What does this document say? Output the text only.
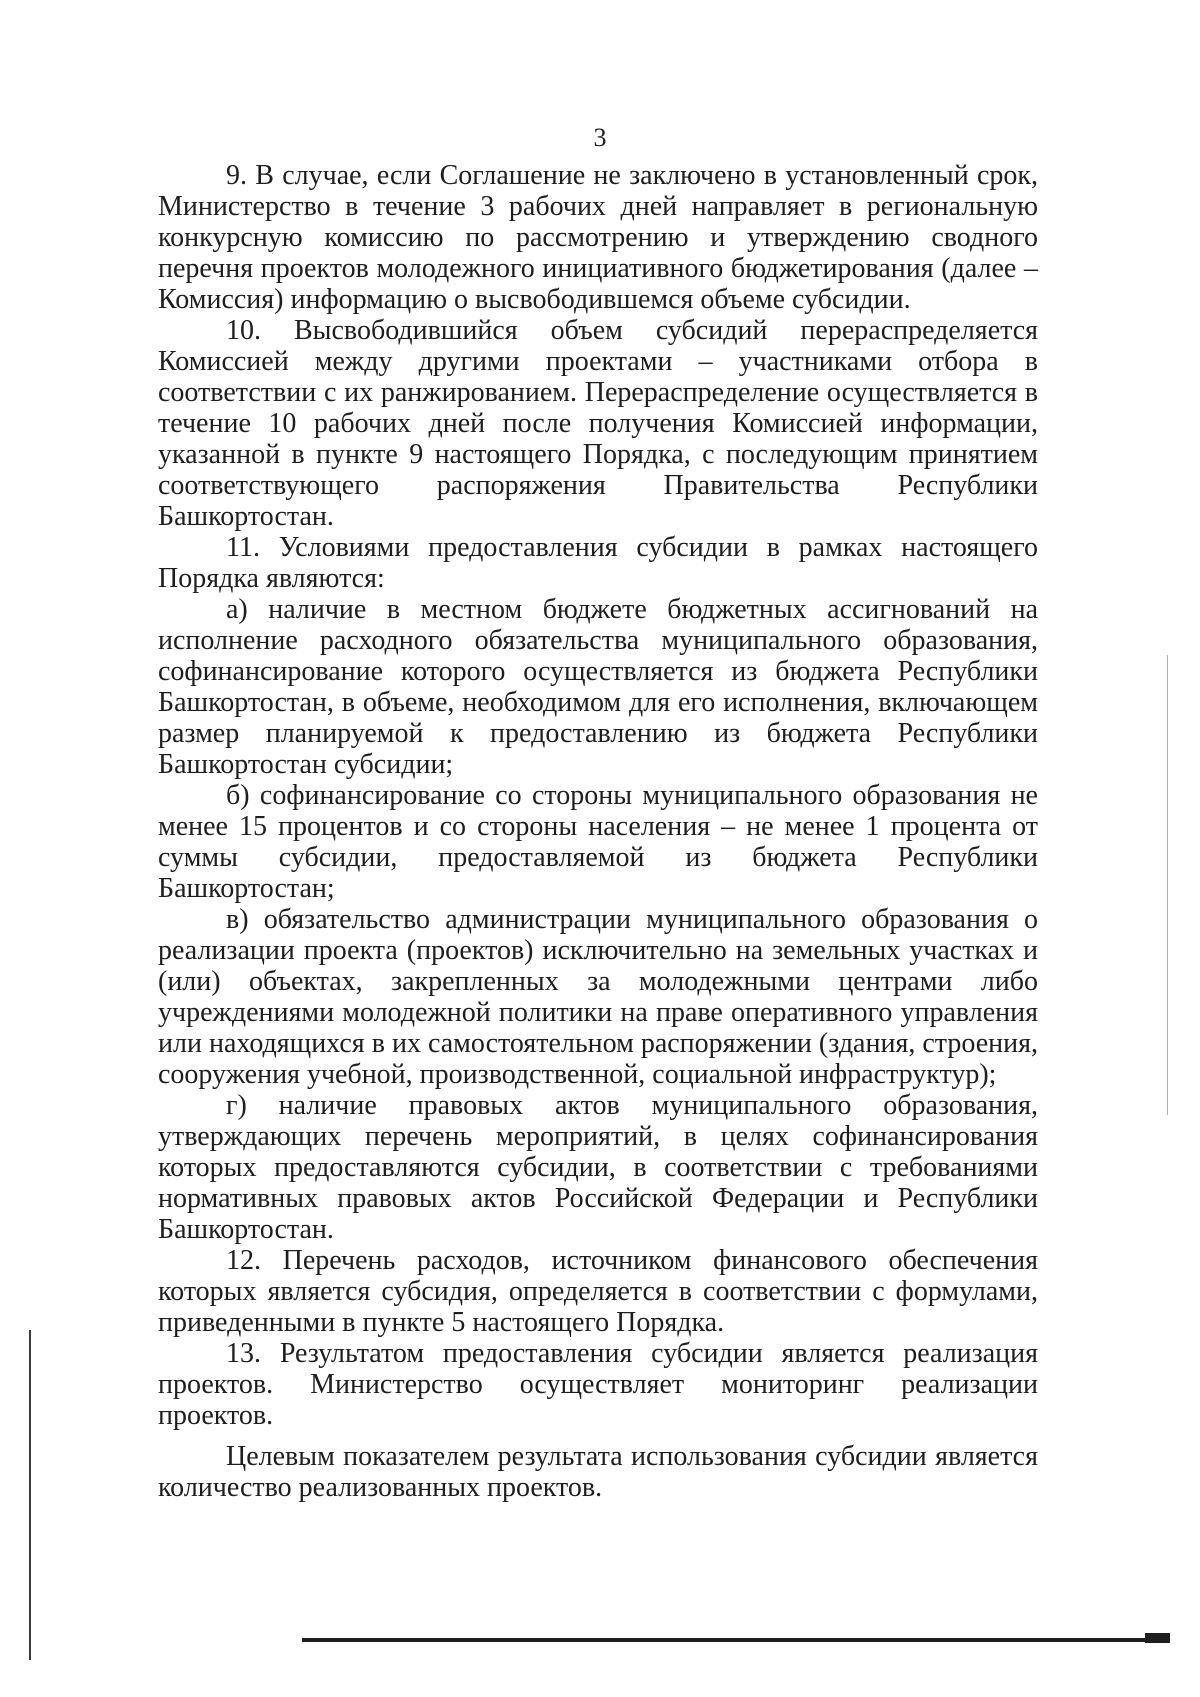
3

9. В случае, если Соглашение не заключено в установленный срок, Министерство в течение 3 рабочих дней направляет в региональную конкурсную комиссию по рассмотрению и утверждению сводного перечня проектов молодежного инициативного бюджетирования (далее – Комиссия) информацию о высвободившемся объеме субсидии.

10. Высвободившийся объем субсидий перераспределяется Комиссией между другими проектами – участниками отбора в соответствии с их ранжированием. Перераспределение осуществляется в течение 10 рабочих дней после получения Комиссией информации, указанной в пункте 9 настоящего Порядка, с последующим принятием соответствующего распоряжения Правительства Республики Башкортостан.

11. Условиями предоставления субсидии в рамках настоящего Порядка являются:

а) наличие в местном бюджете бюджетных ассигнований на исполнение расходного обязательства муниципального образования, софинансирование которого осуществляется из бюджета Республики Башкортостан, в объеме, необходимом для его исполнения, включающем размер планируемой к предоставлению из бюджета Республики Башкортостан субсидии;

б) софинансирование со стороны муниципального образования не менее 15 процентов и со стороны населения – не менее 1 процента от суммы субсидии, предоставляемой из бюджета Республики Башкортостан;

в) обязательство администрации муниципального образования о реализации проекта (проектов) исключительно на земельных участках и (или) объектах, закрепленных за молодежными центрами либо учреждениями молодежной политики на праве оперативного управления или находящихся в их самостоятельном распоряжении (здания, строения, сооружения учебной, производственной, социальной инфраструктур);

г) наличие правовых актов муниципального образования, утверждающих перечень мероприятий, в целях софинансирования которых предоставляются субсидии, в соответствии с требованиями нормативных правовых актов Российской Федерации и Республики Башкортостан.

12. Перечень расходов, источником финансового обеспечения которых является субсидия, определяется в соответствии с формулами, приведенными в пункте 5 настоящего Порядка.

13. Результатом предоставления субсидии является реализация проектов. Министерство осуществляет мониторинг реализации проектов.

Целевым показателем результата использования субсидии является количество реализованных проектов.
